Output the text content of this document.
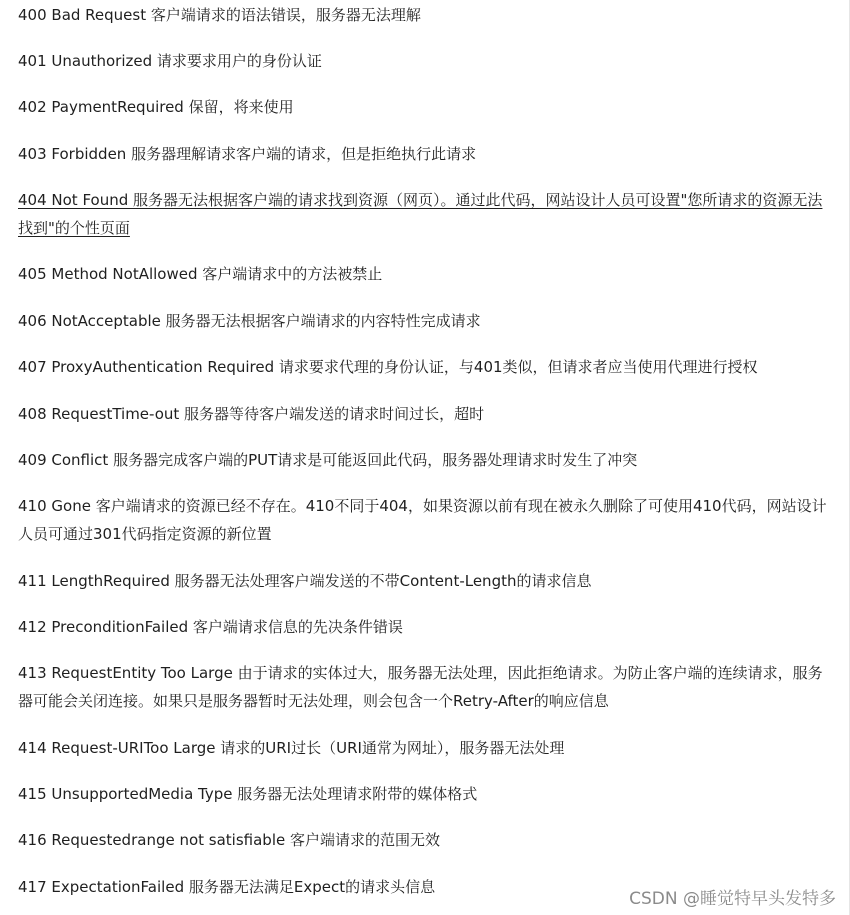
400 Bad Request 客户端请求的语法错误，服务器无法理解
401 Unauthorized 请求要求用户的身份认证
402 PaymentRequired 保留，将来使用
403 Forbidden 服务器理解请求客户端的请求，但是拒绝执行此请求
404 Not Found 服务器无法根据客户端的请求找到资源（网页）。通过此代码，网站设计人员可设置"您所请求的资源无法找到"的个性页面
405 Method NotAllowed 客户端请求中的方法被禁止
406 NotAcceptable 服务器无法根据客户端请求的内容特性完成请求
407 ProxyAuthentication Required 请求要求代理的身份认证，与401类似，但请求者应当使用代理进行授权
408 RequestTime-out 服务器等待客户端发送的请求时间过长，超时
409 Conflict 服务器完成客户端的PUT请求是可能返回此代码，服务器处理请求时发生了冲突
410 Gone 客户端请求的资源已经不存在。410不同于404，如果资源以前有现在被永久删除了可使用410代码，网站设计人员可通过301代码指定资源的新位置
411 LengthRequired 服务器无法处理客户端发送的不带Content-Length的请求信息
412 PreconditionFailed 客户端请求信息的先决条件错误
413 RequestEntity Too Large 由于请求的实体过大，服务器无法处理，因此拒绝请求。为防止客户端的连续请求，服务器可能会关闭连接。如果只是服务器暂时无法处理，则会包含一个Retry-After的响应信息
414 Request-URIToo Large 请求的URI过长（URI通常为网址），服务器无法处理
415 UnsupportedMedia Type 服务器无法处理请求附带的媒体格式
416 Requestedrange not satisfiable 客户端请求的范围无效
417 ExpectationFailed 服务器无法满足Expect的请求头信息
CSDN @睡觉特早头发特多
